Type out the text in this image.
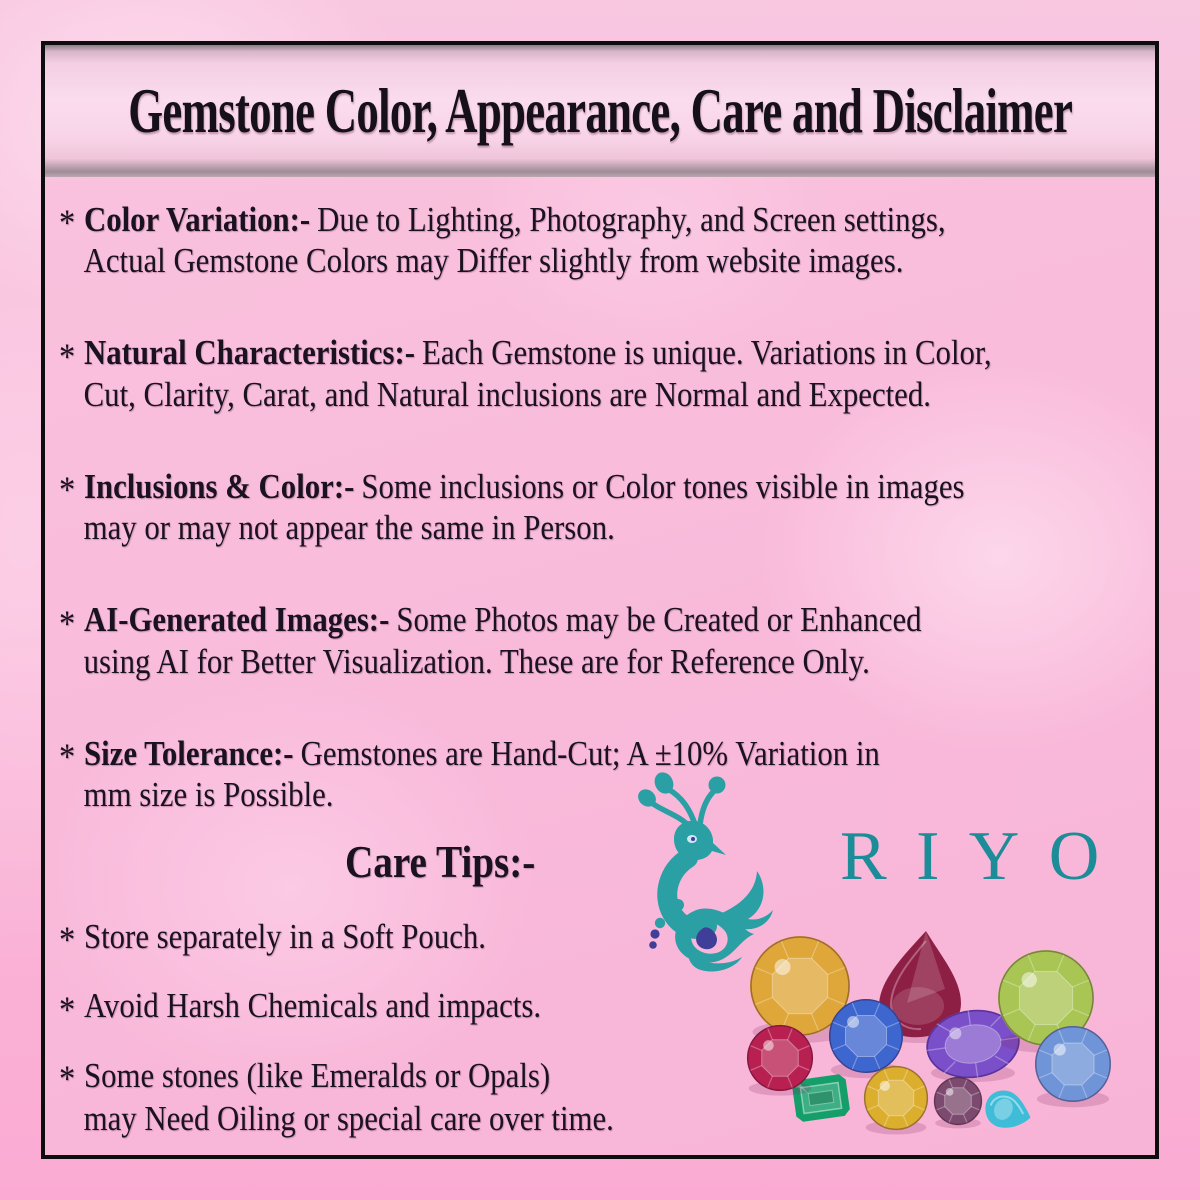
Gemstone Color, Appearance, Care and Disclaimer
* Color Variation:- Due to Lighting, Photography, and Screen settings,
Actual Gemstone Colors may Differ slightly from website images.
* Natural Characteristics:- Each Gemstone is unique. Variations in Color,
Cut, Clarity, Carat, and Natural inclusions are Normal and Expected.
* Inclusions & Color:- Some inclusions or Color tones visible in images
may or may not appear the same in Person.
* AI-Generated Images:- Some Photos may be Created or Enhanced
using AI for Better Visualization. These are for Reference Only.
* Size Tolerance:- Gemstones are Hand-Cut; A ±10% Variation in
mm size is Possible.
Care Tips:-	RIYO
* Store separately in a Soft Pouch.
* Avoid Harsh Chemicals and impacts.
* Some stones (like Emeralds or Opals)
may Need Oiling or special care over time.
